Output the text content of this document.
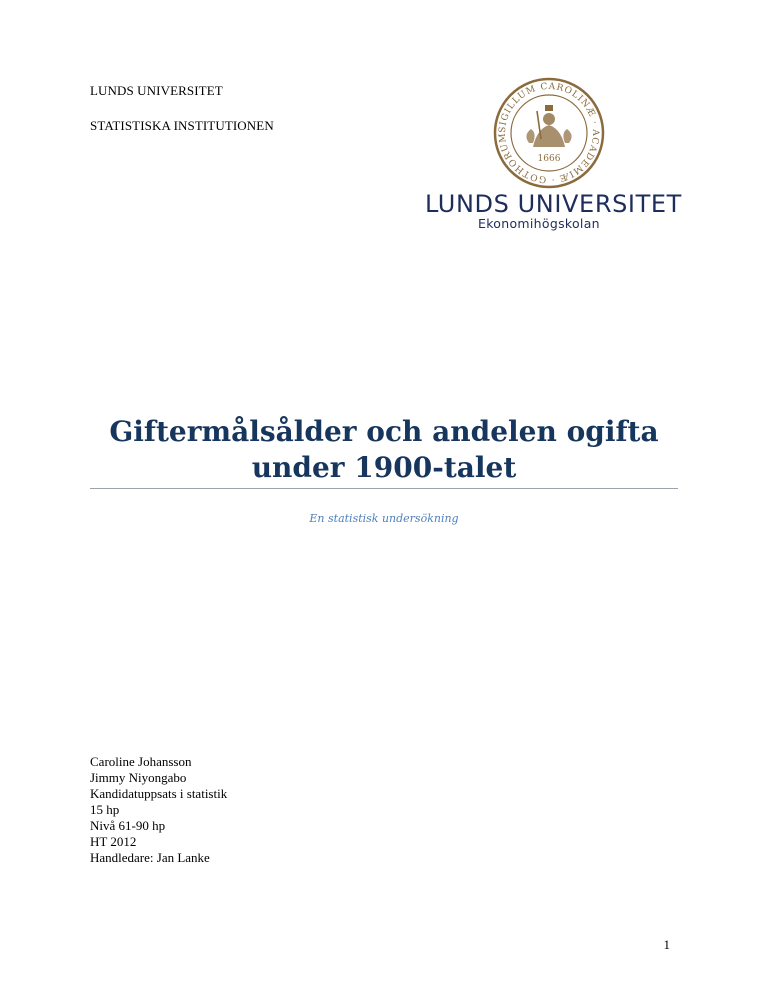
LUNDS UNIVERSITET
STATISTISKA INSTITUTIONEN	SIGILLUM CAROLINÆ · ACADEMIÆ · GOTHORUM
1666
LUNDS UNIVERSITET
Ekonomihögskolan
Giftermålsålder och andelen ogifta
under 1900-talet
En statistisk undersökning
Caroline Johansson
Jimmy Niyongabo
Kandidatuppsats i statistik
15 hp
Nivå 61-90 hp
HT 2012
Handledare: Jan Lanke
1
